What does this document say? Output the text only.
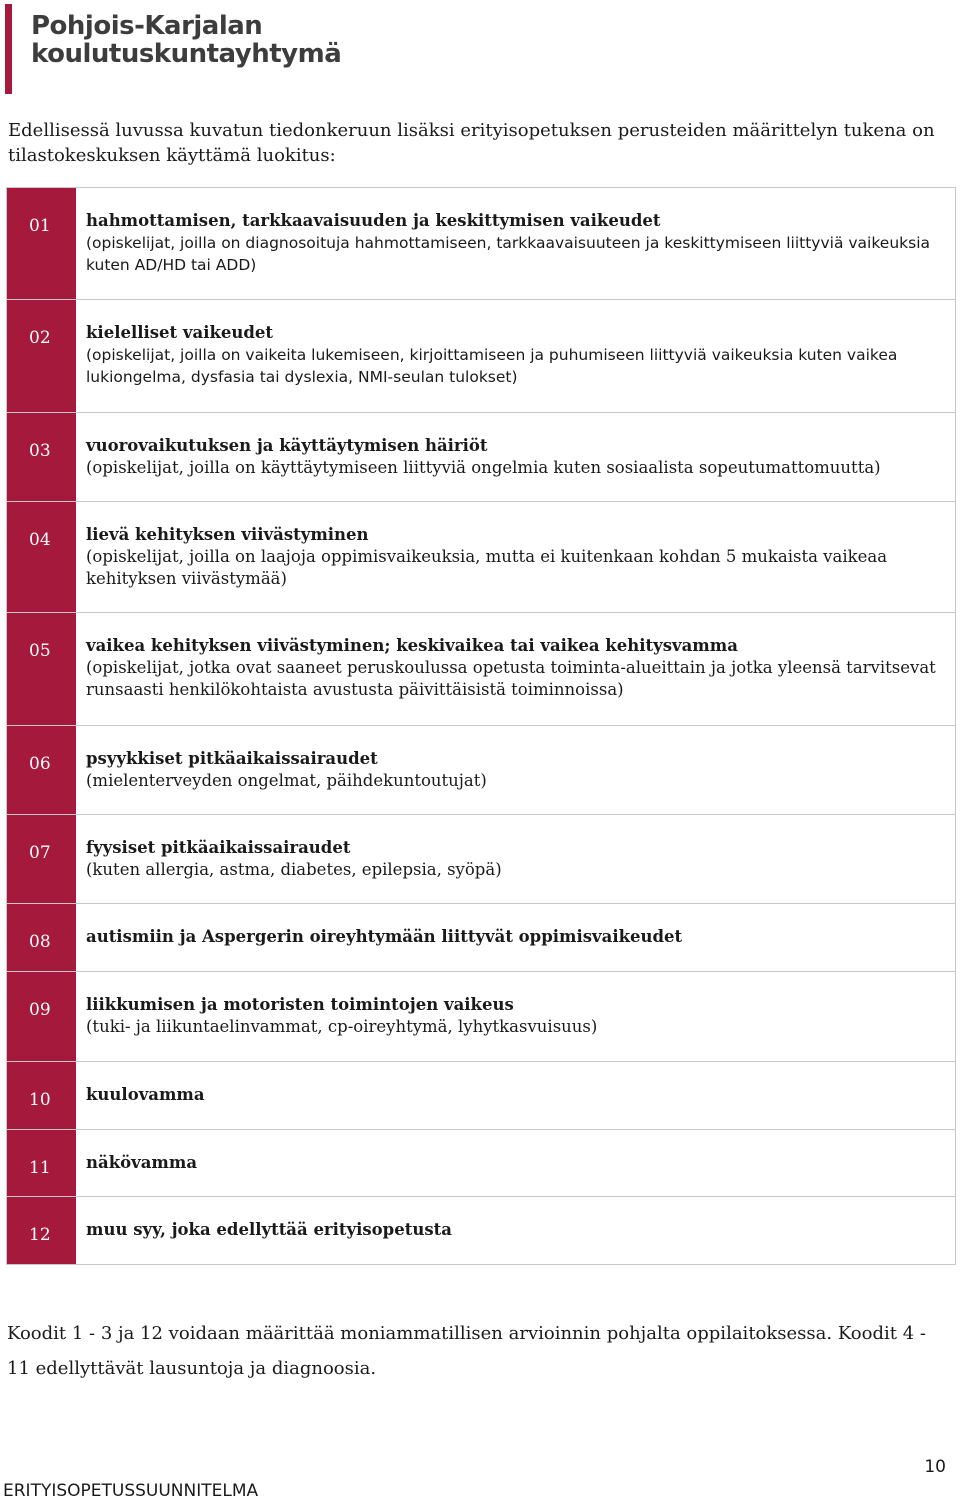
Pohjois-Karjalan
koulutuskuntayhtymä
Edellisessä luvussa kuvatun tiedonkeruun lisäksi erityisopetuksen perusteiden määrittelyn tukena on tilastokeskuksen käyttämä luokitus:
01	hahmottamisen, tarkkaavaisuuden ja keskittymisen vaikeudet
(opiskelijat, joilla on diagnosoituja hahmottamiseen, tarkkaavaisuuteen ja keskittymiseen liittyviä vaikeuksia kuten AD/HD tai ADD)
02	kielelliset vaikeudet
(opiskelijat, joilla on vaikeita lukemiseen, kirjoittamiseen ja puhumiseen liittyviä vaikeuksia kuten vaikea lukiongelma, dysfasia tai dyslexia, NMI-seulan tulokset)
03	vuorovaikutuksen ja käyttäytymisen häiriöt
(opiskelijat, joilla on käyttäytymiseen liittyviä ongelmia kuten sosiaalista sopeutumattomuutta)
04	lievä kehityksen viivästyminen
(opiskelijat, joilla on laajoja oppimisvaikeuksia, mutta ei kuitenkaan kohdan 5 mukaista vaikeaa kehityksen viivästymää)
05	vaikea kehityksen viivästyminen; keskivaikea tai vaikea kehitysvamma
(opiskelijat, jotka ovat saaneet peruskoulussa opetusta toiminta-alueittain ja jotka yleensä tarvitsevat runsaasti henkilökohtaista avustusta päivittäisistä toiminnoissa)
06	psyykkiset pitkäaikaissairaudet
(mielenterveyden ongelmat, päihdekuntoutujat)
07	fyysiset pitkäaikaissairaudet
(kuten allergia, astma, diabetes, epilepsia, syöpä)
08	autismiin ja Aspergerin oireyhtymään liittyvät oppimisvaikeudet
09	liikkumisen ja motoristen toimintojen vaikeus
(tuki- ja liikuntaelinvammat, cp-oireyhtymä, lyhytkasvuisuus)
10	kuulovamma
11	näkövamma
12	muu syy, joka edellyttää erityisopetusta
Koodit 1 - 3 ja 12 voidaan määrittää moniammatillisen arvioinnin pohjalta oppilaitoksessa. Koodit 4 - 11 edellyttävät lausuntoja ja diagnoosia.
10
ERITYISOPETUSSUUNNITELMA
